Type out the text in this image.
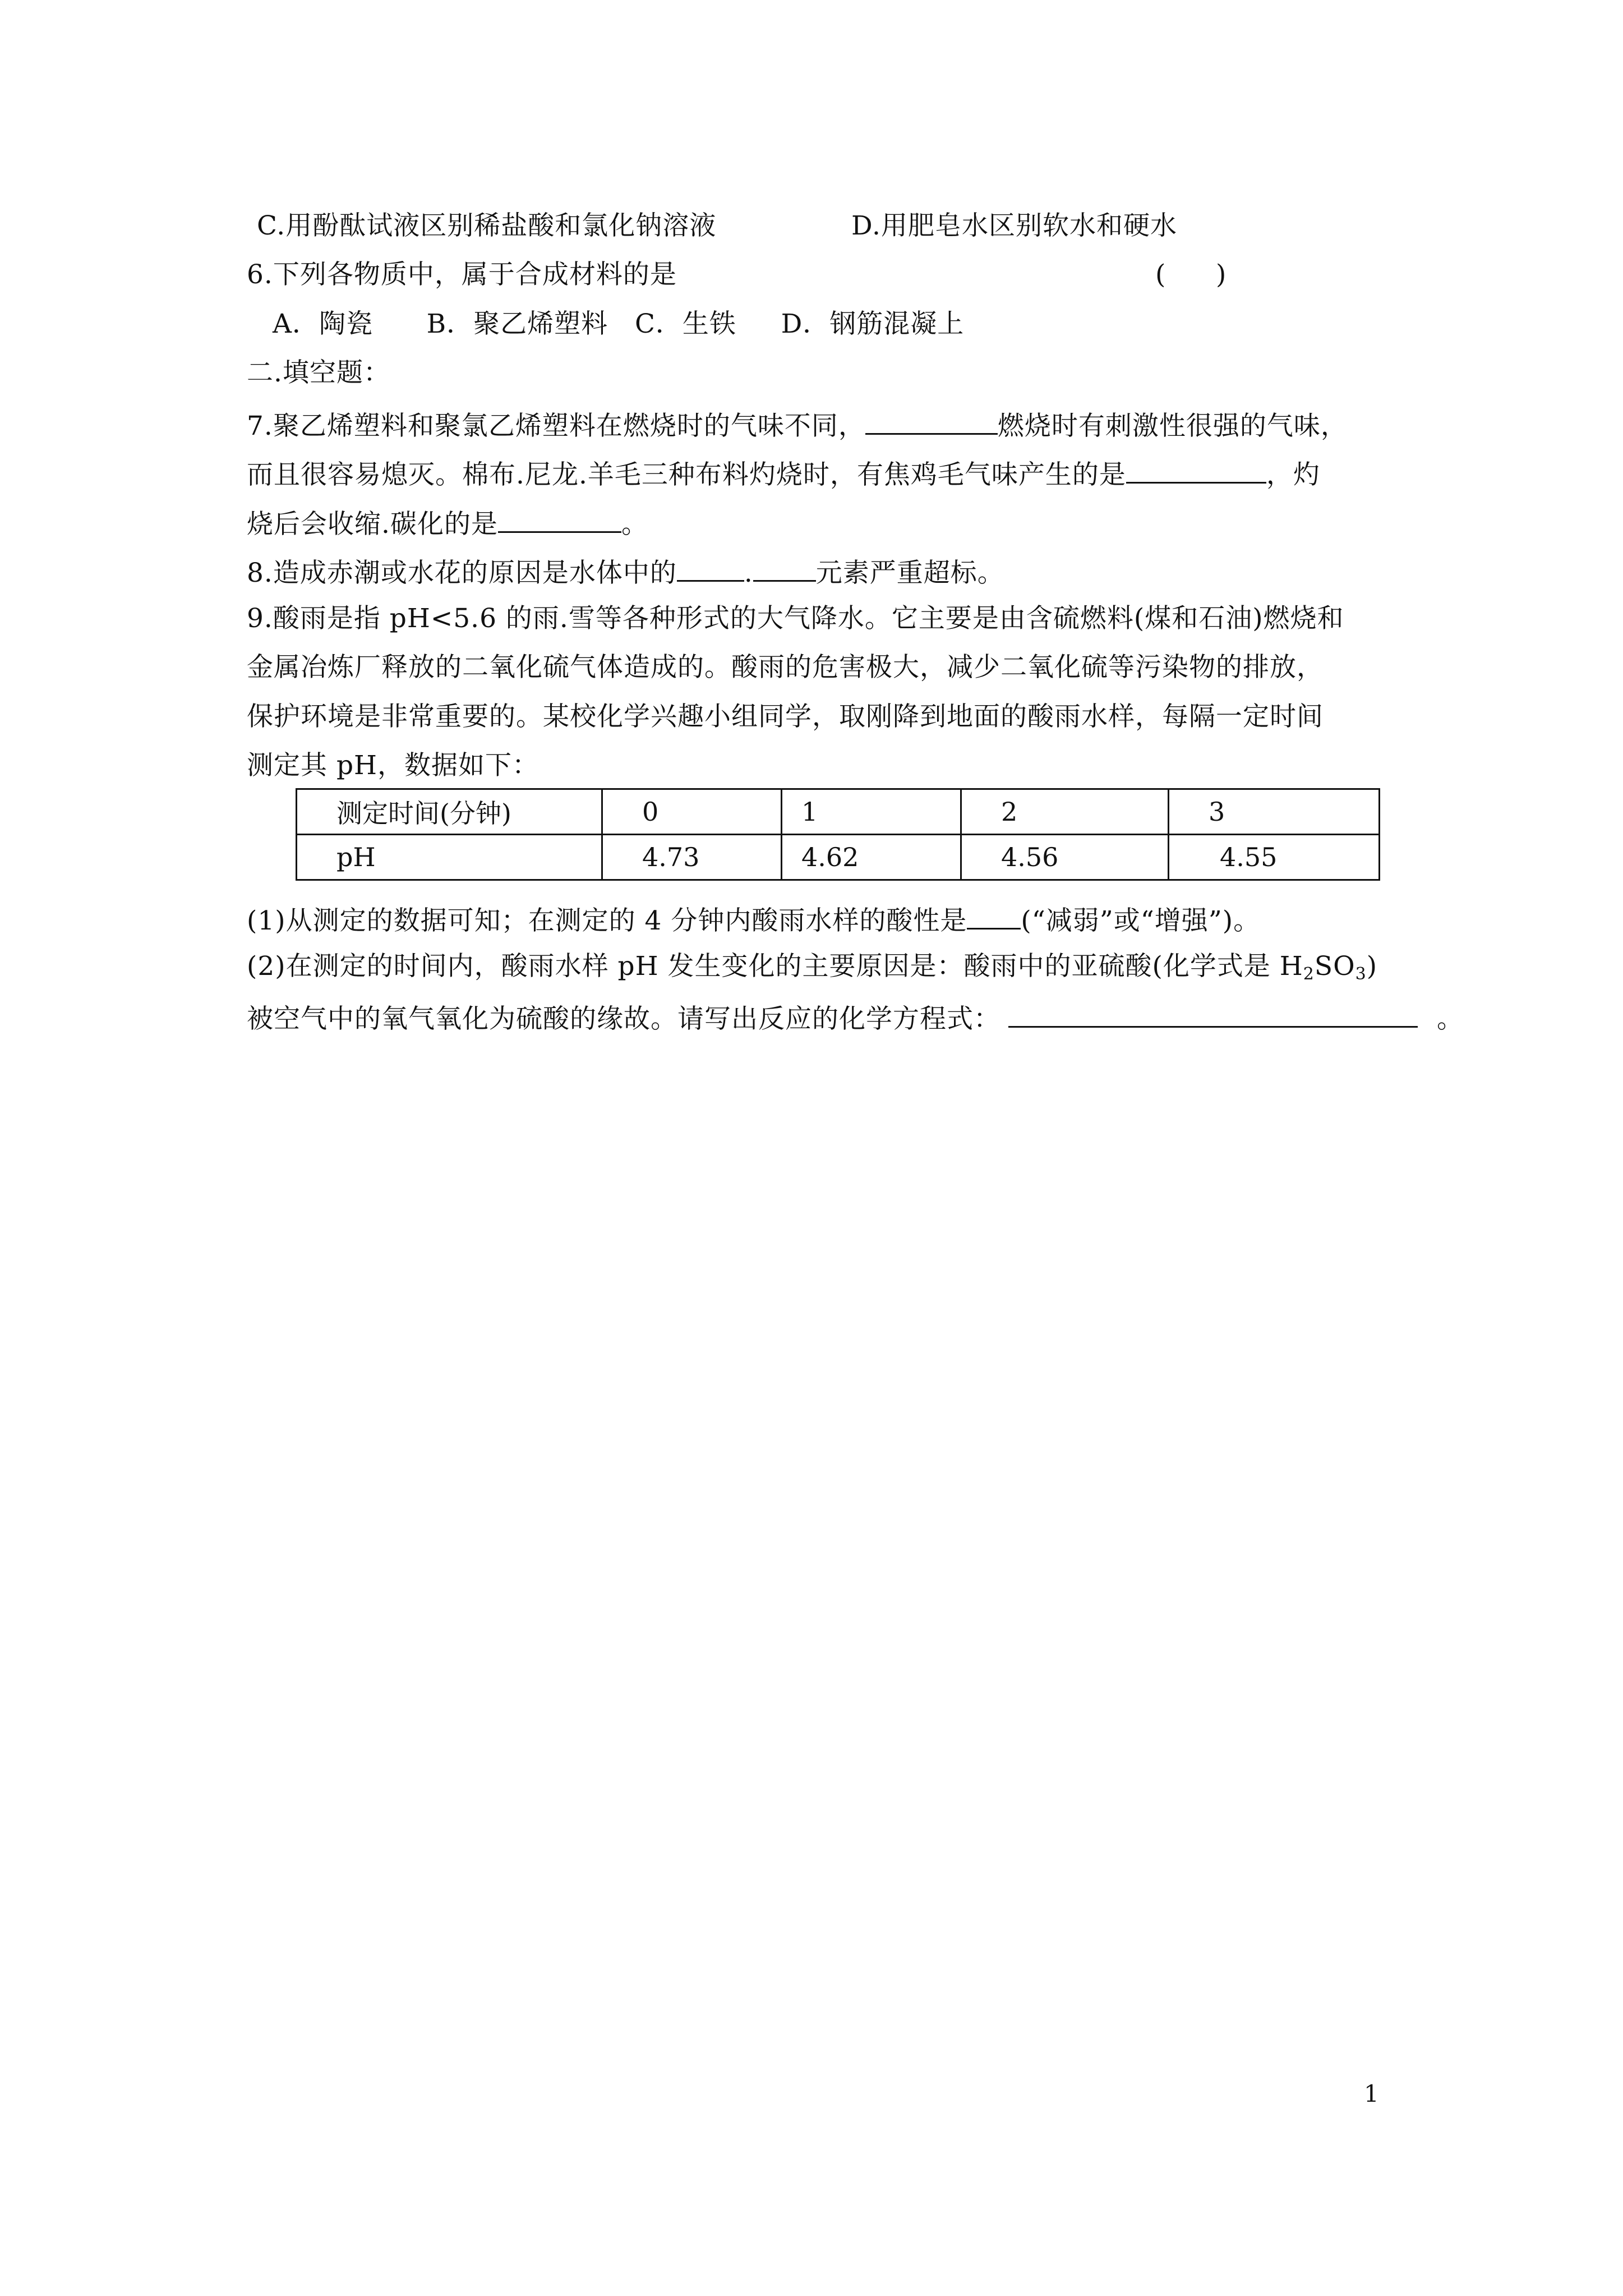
C.用酚酞试液区别稀盐酸和氯化钠溶液	D.用肥皂水区别软水和硬水
6.下列各物质中，属于合成材料的是	(      )
A．陶瓷      B．聚乙烯塑料   C．生铁     D．钢筋混凝上
二.填空题：
7.聚乙烯塑料和聚氯乙烯塑料在燃烧时的气味不同，	燃烧时有刺激性很强的气味，
而且很容易熄灭。棉布.尼龙.羊毛三种布料灼烧时，有焦鸡毛气味产生的是	，灼
烧后会收缩.碳化的是	。
8.造成赤潮或水花的原因是水体中的	. 元素严重超标。
9.酸雨是指 pH<5.6 的雨.雪等各种形式的大气降水。它主要是由含硫燃料(煤和石油)燃烧和
金属冶炼厂释放的二氧化硫气体造成的。酸雨的危害极大，减少二氧化硫等污染物的排放，
保护环境是非常重要的。某校化学兴趣小组同学，取刚降到地面的酸雨水样，每隔一定时间
测定其 pH，数据如下：
测定时间(分钟)	0	1	2	3
pH	4.73	4.62	4.56	4.55
(1)从测定的数据可知；在测定的 4 分钟内酸雨水样的酸性是 (“减弱”或“增强”)。
(2)在测定的时间内，酸雨水样 pH 发生变化的主要原因是：酸雨中的亚硫酸(化学式是 $H_2SO_3$)
被空气中的氧气氧化为硫酸的缘故。请写出反应的化学方程式：	。
1
